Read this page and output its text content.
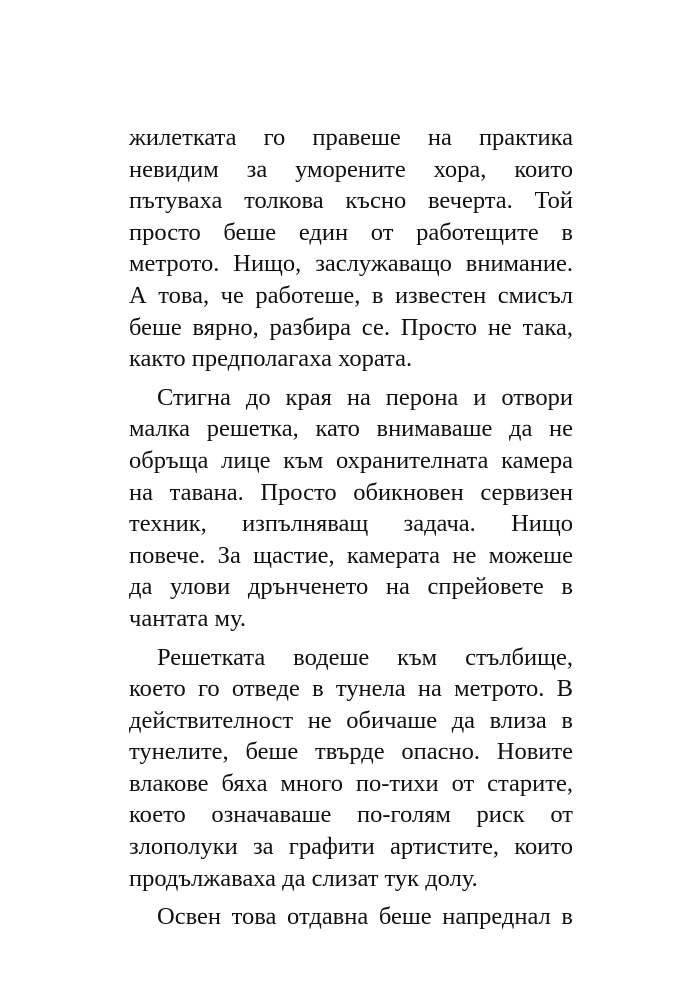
жилетката го правеше на практика
невидим за уморените хора, които
пътуваха толкова късно вечерта. Той
просто беше един от работещите в
метрото. Нищо, заслужаващо внимание.
А това, че работеше, в известен смисъл
беше вярно, разбира се. Просто не така,
както предполагаха хората.
Стигна до края на перона и отвори
малка решетка, като внимаваше да не
обръща лице към охранителната камера
на тавана. Просто обикновен сервизен
техник, изпълняващ задача. Нищо
повече. За щастие, камерата не можеше
да улови дрънченето на спрейовете в
чантата му.
Решетката водеше към стълбище,
което го отведе в тунела на метрото. В
действителност не обичаше да влиза в
тунелите, беше твърде опасно. Новите
влакове бяха много по-тихи от старите,
което означаваше по-голям риск от
злополуки за графити артистите, които
продължаваха да слизат тук долу.
Освен това отдавна беше напреднал в
